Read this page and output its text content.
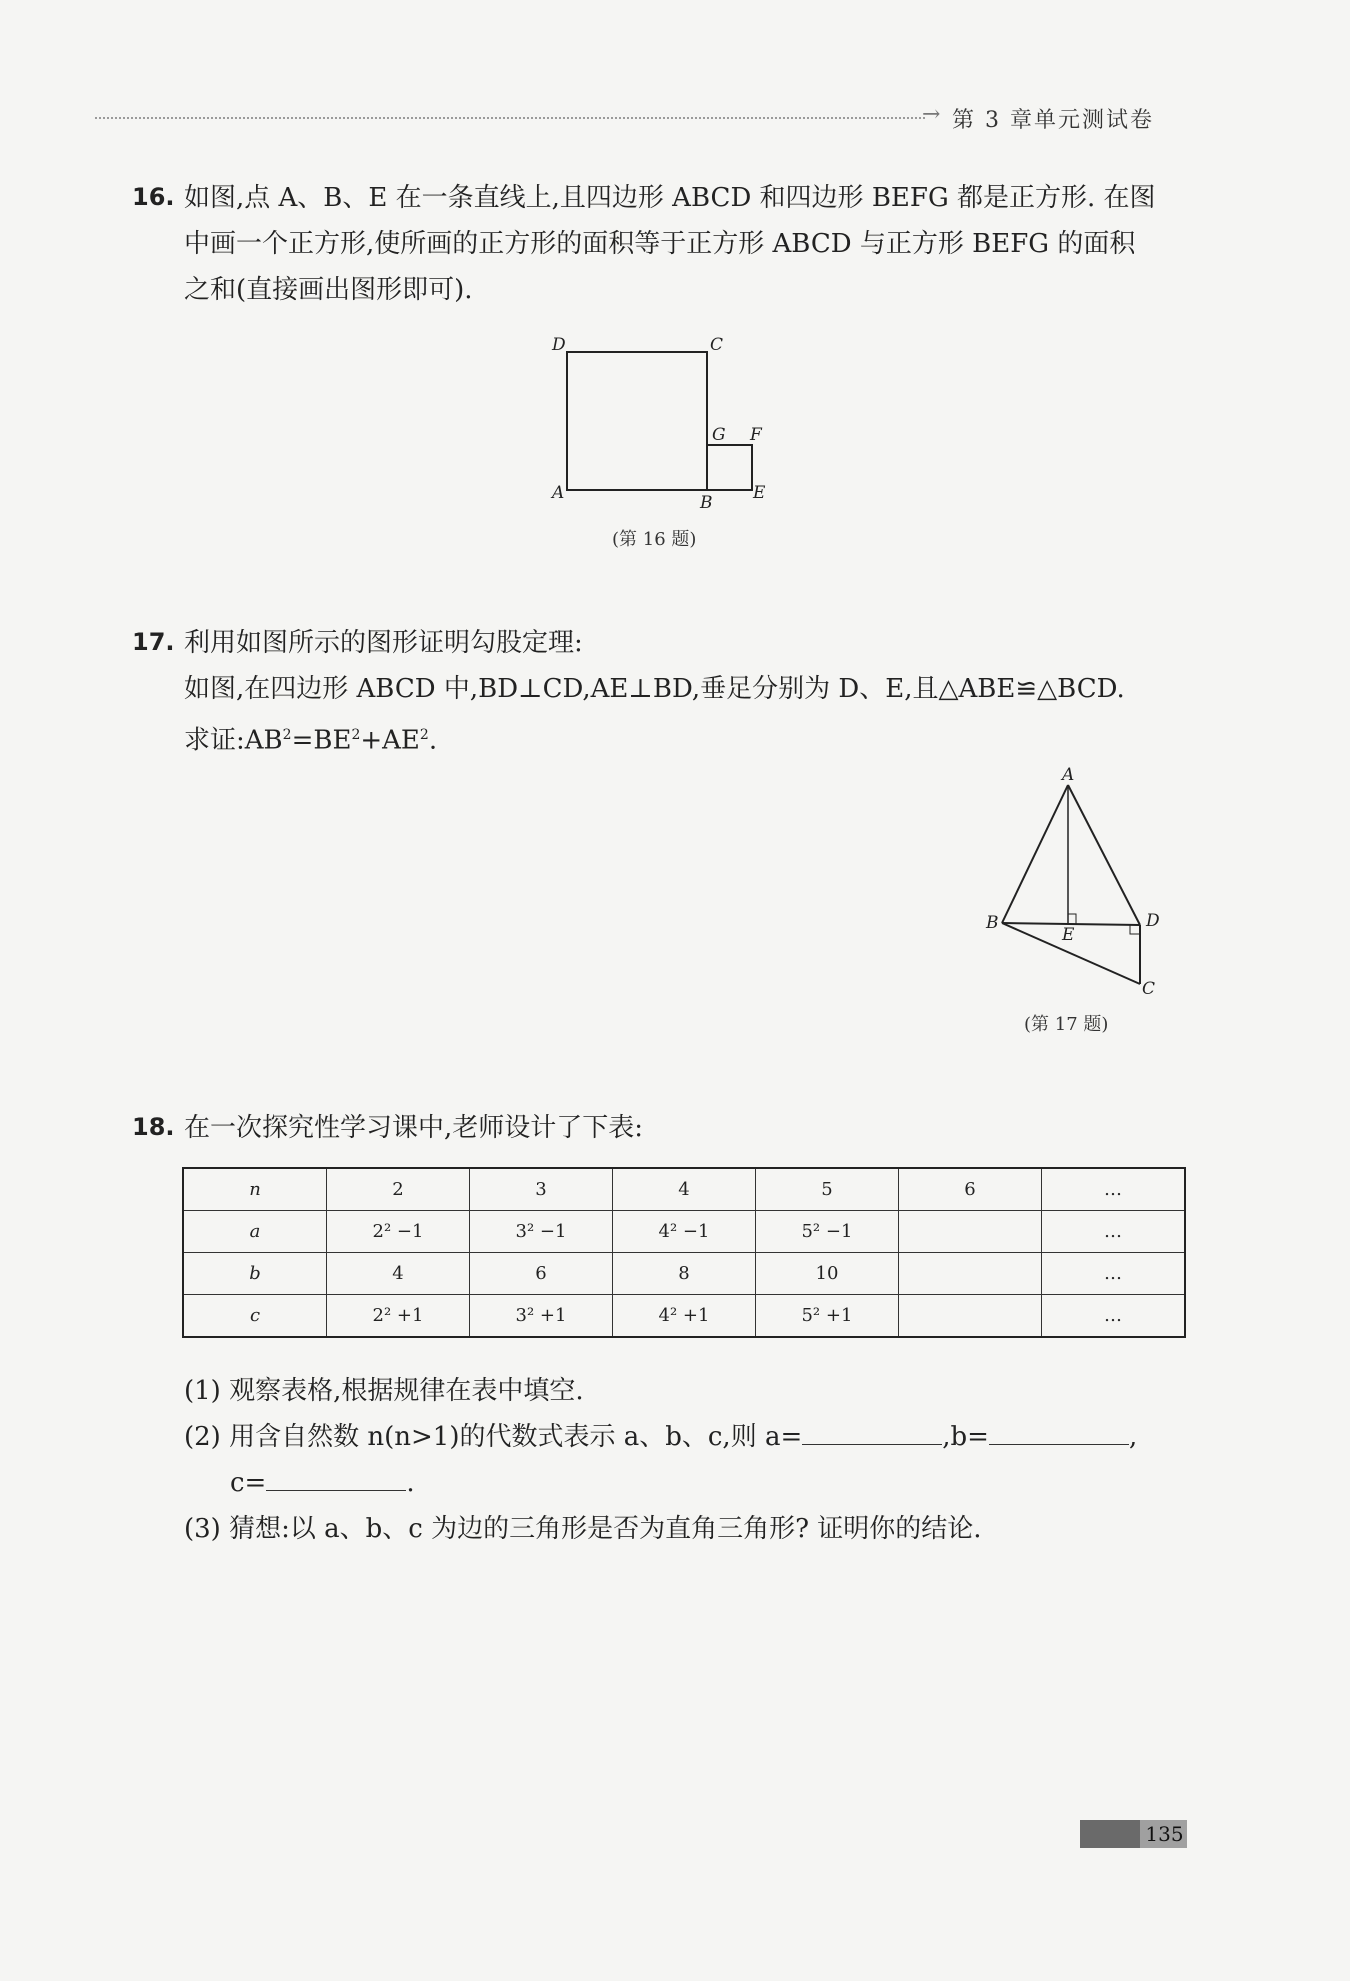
→ 第 3 章单元测试卷
16. 如图,点 A、B、E 在一条直线上,且四边形 ABCD 和四边形 BEFG 都是正方形. 在图
中画一个正方形,使所画的正方形的面积等于正方形 ABCD 与正方形 BEFG 的面积
之和(直接画出图形即可).
D	C
G F
A	B E
(第 16 题)
17. 利用如图所示的图形证明勾股定理:
如图,在四边形 ABCD 中,BD⊥CD,AE⊥BD,垂足分别为 D、E,且△ABE≌△BCD.
求证$:AB^2=BE^2+AE^2$.
A
B
E
D
C
(第 17 题)
18. 在一次探究性学习课中,老师设计了下表:
n	2	3	4	5	6	…
a	2² −1	3² −1	4² −1	5² −1		…
b	4	6	8	10		…
c	2² +1	3² +1	4² +1	5² +1		…
(1) 观察表格,根据规律在表中填空.
(2) 用含自然数 n(n>1)的代数式表示 a、b、c,则 a=	,b=	,
c=	.
(3) 猜想:以 a、b、c 为边的三角形是否为直角三角形? 证明你的结论.
135
